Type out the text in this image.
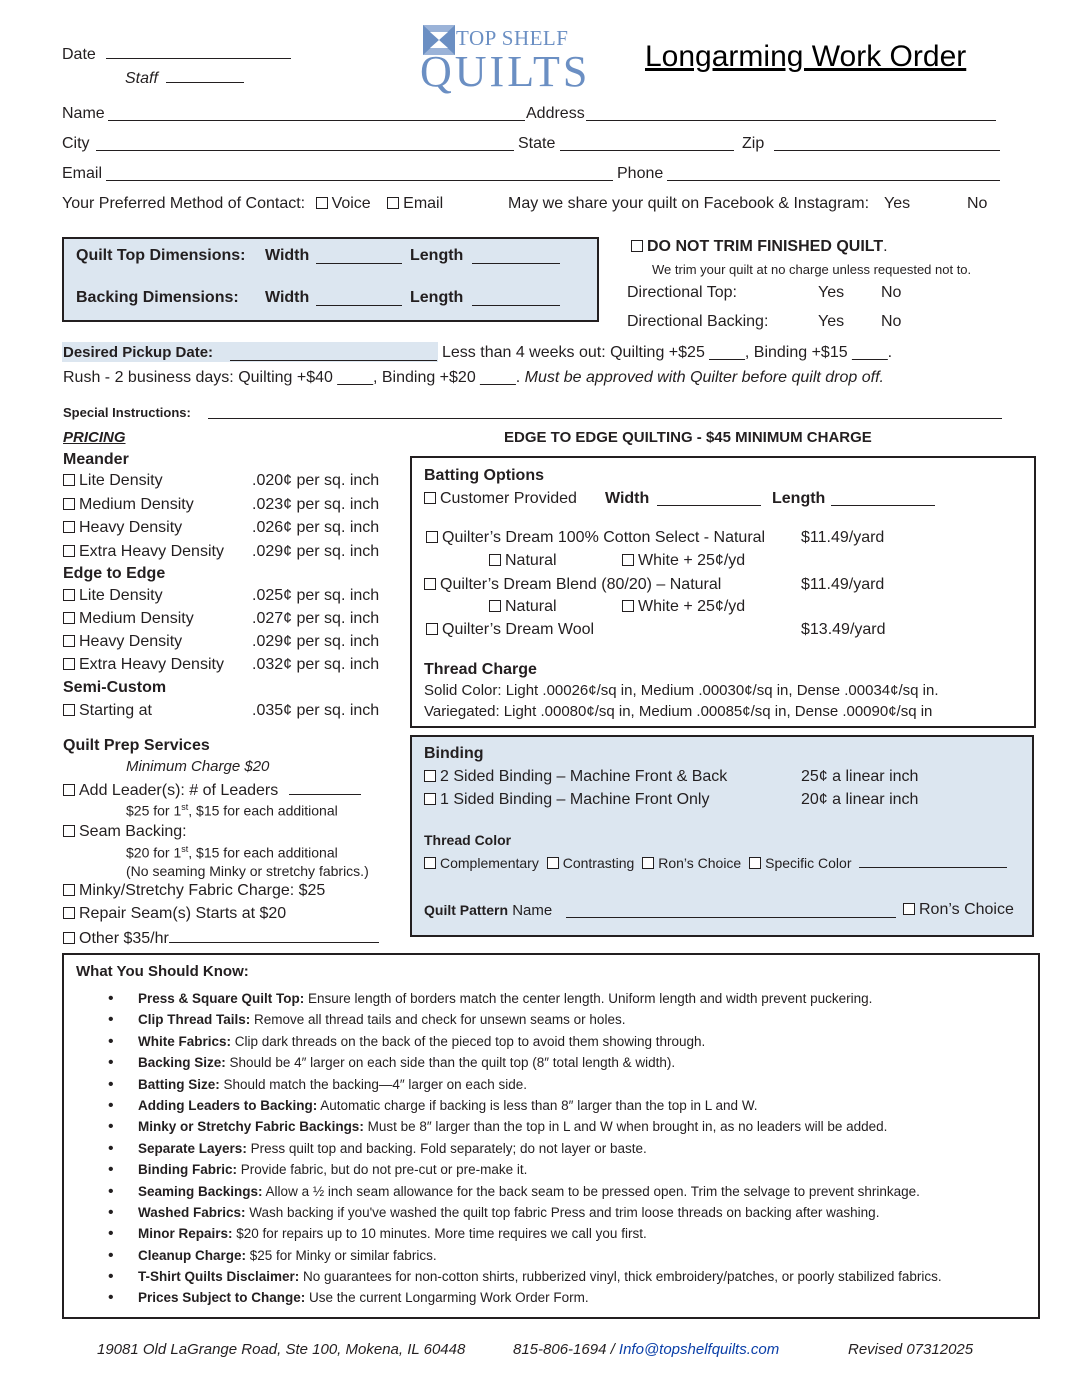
Date
Staff
TOP SHELF
QUILTS Longarming Work Order
Name	Address
City	State	Zip
Email	Phone
Your Preferred Method of Contact: Voice Email	May we share your quilt on Facebook & Instagram: Yes	No
Quilt Top Dimensions: Width	Length
Backing Dimensions: Width	Length
DO NOT TRIM FINISHED QUILT.
We trim your quilt at no charge unless requested not to.
Directional Top:	Yes No
Directional Backing:	Yes No
Desired Pickup Date:	Less than 4 weeks out: Quilting +$25 ____, Binding +$15 ____.
Rush - 2 business days: Quilting +$40 ____, Binding +$20 ____. Must be approved with Quilter before quilt drop off.
Special Instructions:
PRICING	EDGE TO EDGE QUILTING - $45 MINIMUM CHARGE
Meander
Lite Density	.020¢ per sq. inch
Medium Density	.023¢ per sq. inch
Heavy Density	.026¢ per sq. inch
Extra Heavy Density .029¢ per sq. inch
Edge to Edge
Lite Density	.025¢ per sq. inch
Medium Density	.027¢ per sq. inch
Heavy Density	.029¢ per sq. inch
Extra Heavy Density .032¢ per sq. inch
Semi-Custom
Starting at	.035¢ per sq. inch
Quilt Prep Services
Minimum Charge $20
Add Leader(s): # of Leaders
$25 for 1st, $15 for each additional
Seam Backing:
$20 for 1st, $15 for each additional
(No seaming Minky or stretchy fabrics.)
Minky/Stretchy Fabric Charge: $25
Repair Seam(s) Starts at $20
Other $35/hr
Batting Options
Customer Provided Width	Length
Quilter’s Dream 100% Cotton Select - Natural $11.49/yard
Natural	White + 25¢/yd
Quilter’s Dream Blend (80/20) – Natural	$11.49/yard
Natural	White + 25¢/yd
Quilter’s Dream Wool	$13.49/yard
Thread Charge
Solid Color: Light .00026¢/sq in, Medium .00030¢/sq in, Dense .00034¢/sq in.
Variegated: Light .00080¢/sq in, Medium .00085¢/sq in, Dense .00090¢/sq in
Binding
2 Sided Binding – Machine Front & Back	25¢ a linear inch
1 Sided Binding – Machine Front Only	20¢ a linear inch
Thread Color
Complementary Contrasting Ron’s Choice Specific Color
Quilt Pattern Name	Ron’s Choice
What You Should Know:
• Press & Square Quilt Top: Ensure length of borders match the center length. Uniform length and width prevent puckering.
• Clip Thread Tails: Remove all thread tails and check for unsewn seams or holes.
• White Fabrics: Clip dark threads on the back of the pieced top to avoid them showing through.
• Backing Size: Should be 4″ larger on each side than the quilt top (8″ total length & width).
• Batting Size: Should match the backing—4″ larger on each side.
• Adding Leaders to Backing: Automatic charge if backing is less than 8″ larger than the top in L and W.
• Minky or Stretchy Fabric Backings: Must be 8″ larger than the top in L and W when brought in, as no leaders will be added.
• Separate Layers: Press quilt top and backing. Fold separately; do not layer or baste.
• Binding Fabric: Provide fabric, but do not pre-cut or pre-make it.
• Seaming Backings: Allow a ½ inch seam allowance for the back seam to be pressed open. Trim the selvage to prevent shrinkage.
• Washed Fabrics: Wash backing if you've washed the quilt top fabric Press and trim loose threads on backing after washing.
• Minor Repairs: $20 for repairs up to 10 minutes. More time requires we call you first.
• Cleanup Charge: $25 for Minky or similar fabrics.
• T-Shirt Quilts Disclaimer: No guarantees for non-cotton shirts, rubberized vinyl, thick embroidery/patches, or poorly stabilized fabrics.
• Prices Subject to Change: Use the current Longarming Work Order Form.
19081 Old LaGrange Road, Ste 100, Mokena, IL 60448	815-806-1694 / Info@topshelfquilts.com	Revised 07312025
